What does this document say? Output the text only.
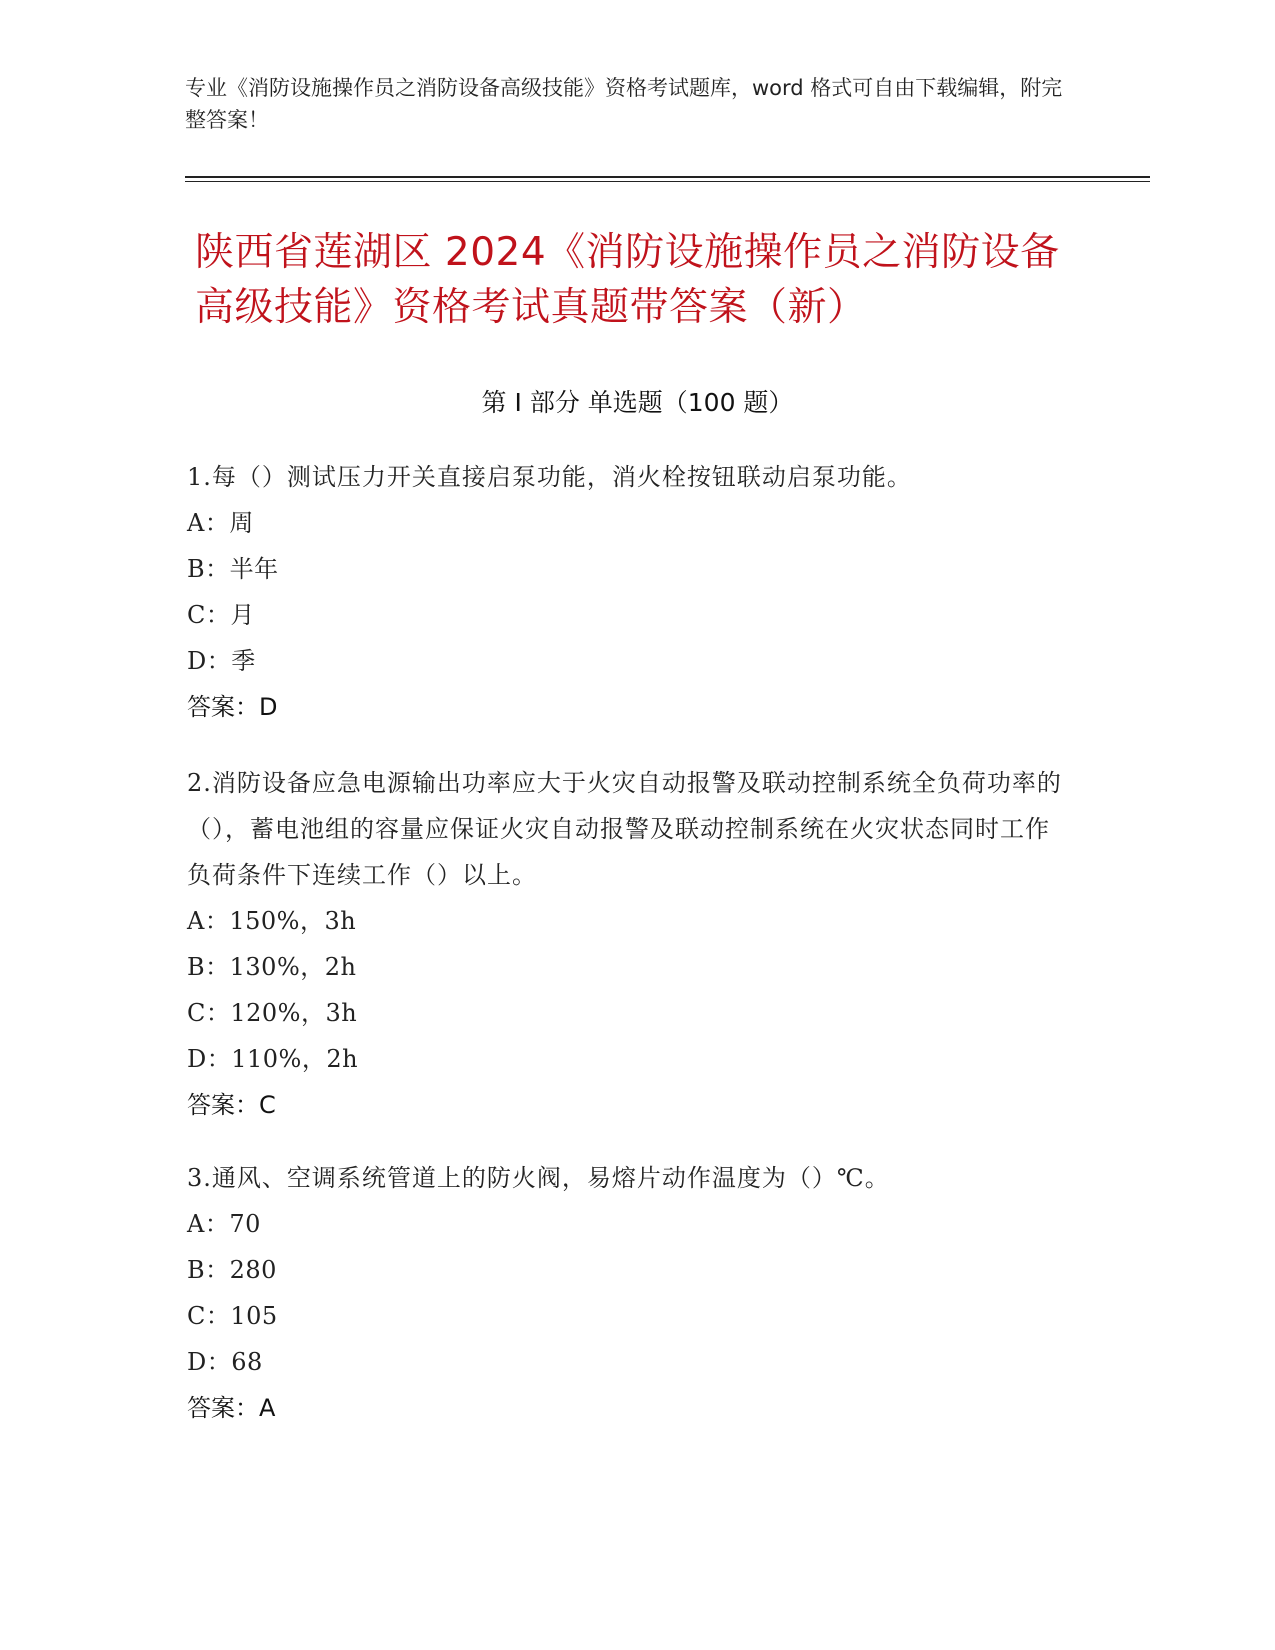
专业《消防设施操作员之消防设备高级技能》资格考试题库，word 格式可自由下载编辑，附完整答案！
陕西省莲湖区 2024《消防设施操作员之消防设备高级技能》资格考试真题带答案（新）
第 I 部分 单选题（100 题）
1.每（）测试压力开关直接启泵功能，消火栓按钮联动启泵功能。
A：周
B：半年
C：月
D：季
答案：D
2.消防设备应急电源输出功率应大于火灾自动报警及联动控制系统全负荷功率的（），蓄电池组的容量应保证火灾自动报警及联动控制系统在火灾状态同时工作负荷条件下连续工作（）以上。
A：150%，3h
B：130%，2h
C：120%，3h
D：110%，2h
答案：C
3.通风、空调系统管道上的防火阀，易熔片动作温度为（）℃。
A：70
B：280
C：105
D：68
答案：A
